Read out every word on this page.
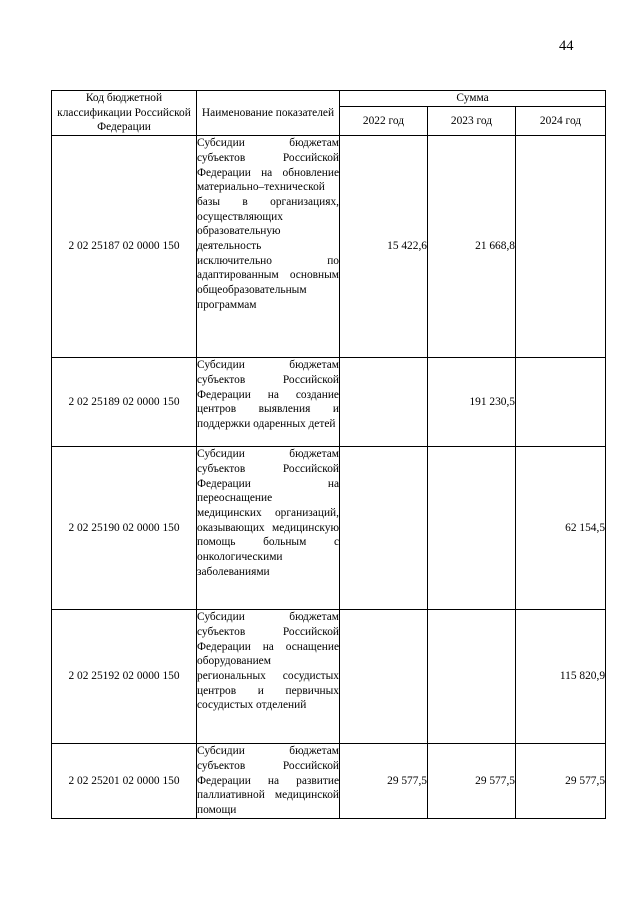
44
Код бюджетной классификации Российской Федерации	Наименование показателей	Сумма		
		2022 год	2023 год	2024 год
2 02 25187 02 0000 150	Субсидии бюджетам субъектов Российской Федерации на обновление материально–технической базы в организациях, осуществляющих образовательную деятельность исключительно по адаптированным основным общеобразовательным программам	15 422,6	21 668,8	
2 02 25189 02 0000 150	Субсидии бюджетам субъектов Российской Федерации на создание центров выявления и поддержки одаренных детей		191 230,5	
2 02 25190 02 0000 150	Субсидии бюджетам субъектов Российской Федерации на переоснащение медицинских организаций, оказывающих медицинскую помощь больным с онкологическими заболеваниями			62 154,5
2 02 25192 02 0000 150	Субсидии бюджетам субъектов Российской Федерации на оснащение оборудованием региональных сосудистых центров и первичных сосудистых отделений			115 820,9
2 02 25201 02 0000 150	Субсидии бюджетам субъектов Российской Федерации на развитие паллиативной медицинской помощи	29 577,5	29 577,5	29 577,5
